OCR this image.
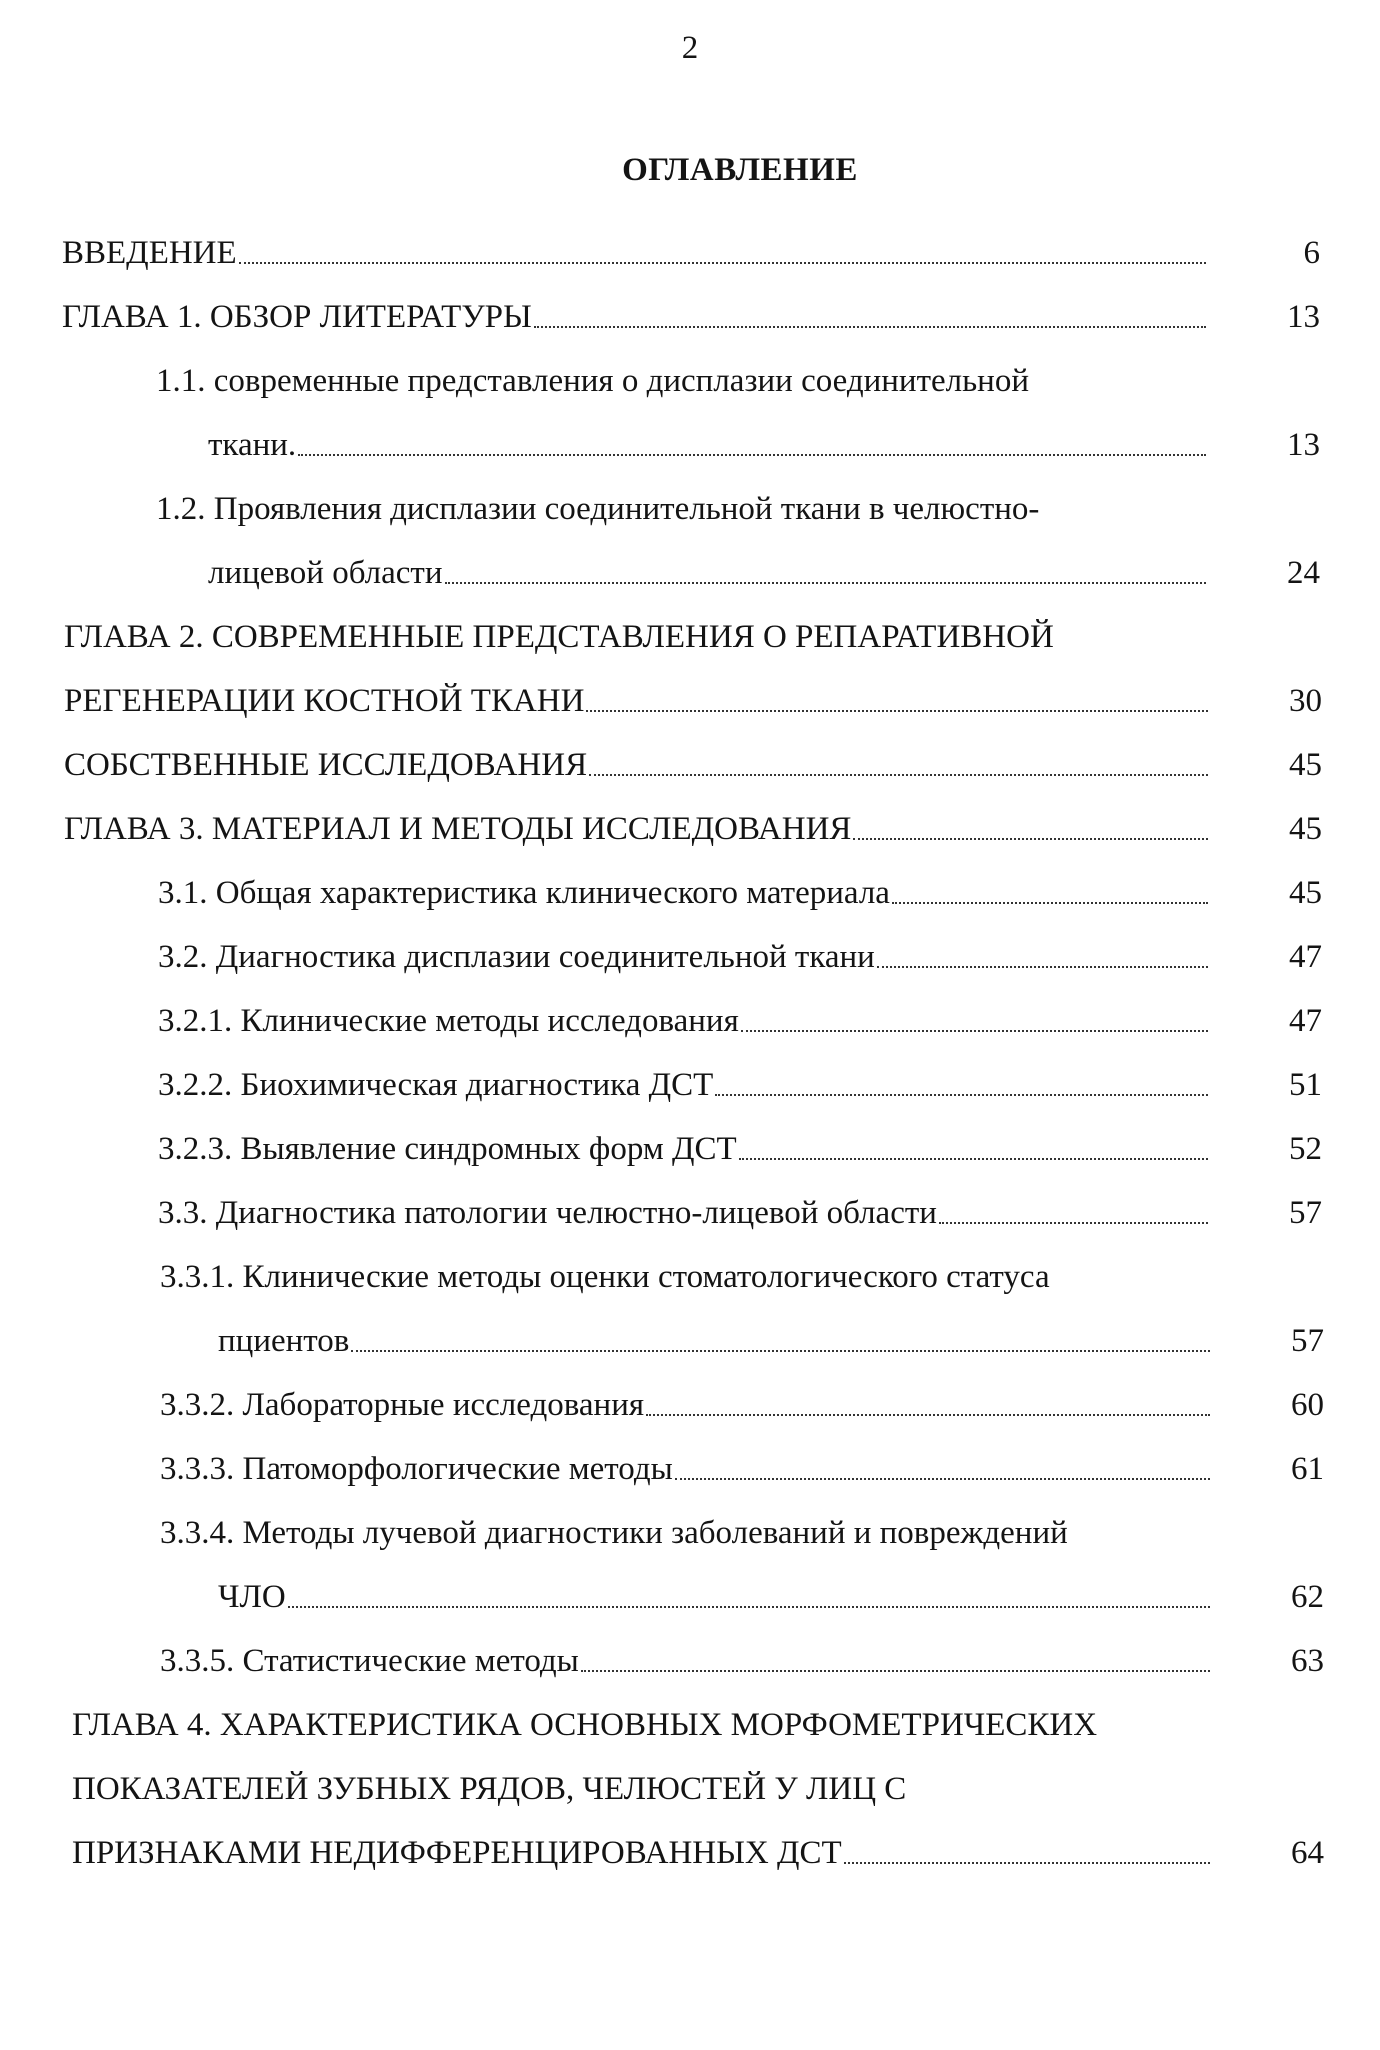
2
ОГЛАВЛЕНИЕ
ВВЕДЕНИЕ	6
ГЛАВА 1. ОБЗОР ЛИТЕРАТУРЫ	13
1.1. современные представления о дисплазии соединительной
ткани.	13
1.2. Проявления дисплазии соединительной ткани в челюстно-
лицевой области	24
ГЛАВА 2. СОВРЕМЕННЫЕ ПРЕДСТАВЛЕНИЯ О РЕПАРАТИВНОЙ
РЕГЕНЕРАЦИИ КОСТНОЙ ТКАНИ	30
СОБСТВЕННЫЕ ИССЛЕДОВАНИЯ	45
ГЛАВА 3. МАТЕРИАЛ И МЕТОДЫ ИССЛЕДОВАНИЯ	45
3.1. Общая характеристика клинического материала	45
3.2. Диагностика дисплазии соединительной ткани	47
3.2.1. Клинические методы исследования	47
3.2.2. Биохимическая диагностика ДСТ	51
3.2.3. Выявление синдромных форм ДСТ	52
3.3. Диагностика патологии челюстно-лицевой области	57
3.3.1. Клинические методы оценки стоматологического статуса
пциентов	57
3.3.2. Лабораторные исследования	60
3.3.3. Патоморфологические методы	61
3.3.4. Методы лучевой диагностики заболеваний и повреждений
ЧЛО	62
3.3.5. Статистические методы	63
ГЛАВА 4. ХАРАКТЕРИСТИКА ОСНОВНЫХ МОРФОМЕТРИЧЕСКИХ
ПОКАЗАТЕЛЕЙ ЗУБНЫХ РЯДОВ, ЧЕЛЮСТЕЙ У ЛИЦ С
ПРИЗНАКАМИ НЕДИФФЕРЕНЦИРОВАННЫХ ДСТ	64
